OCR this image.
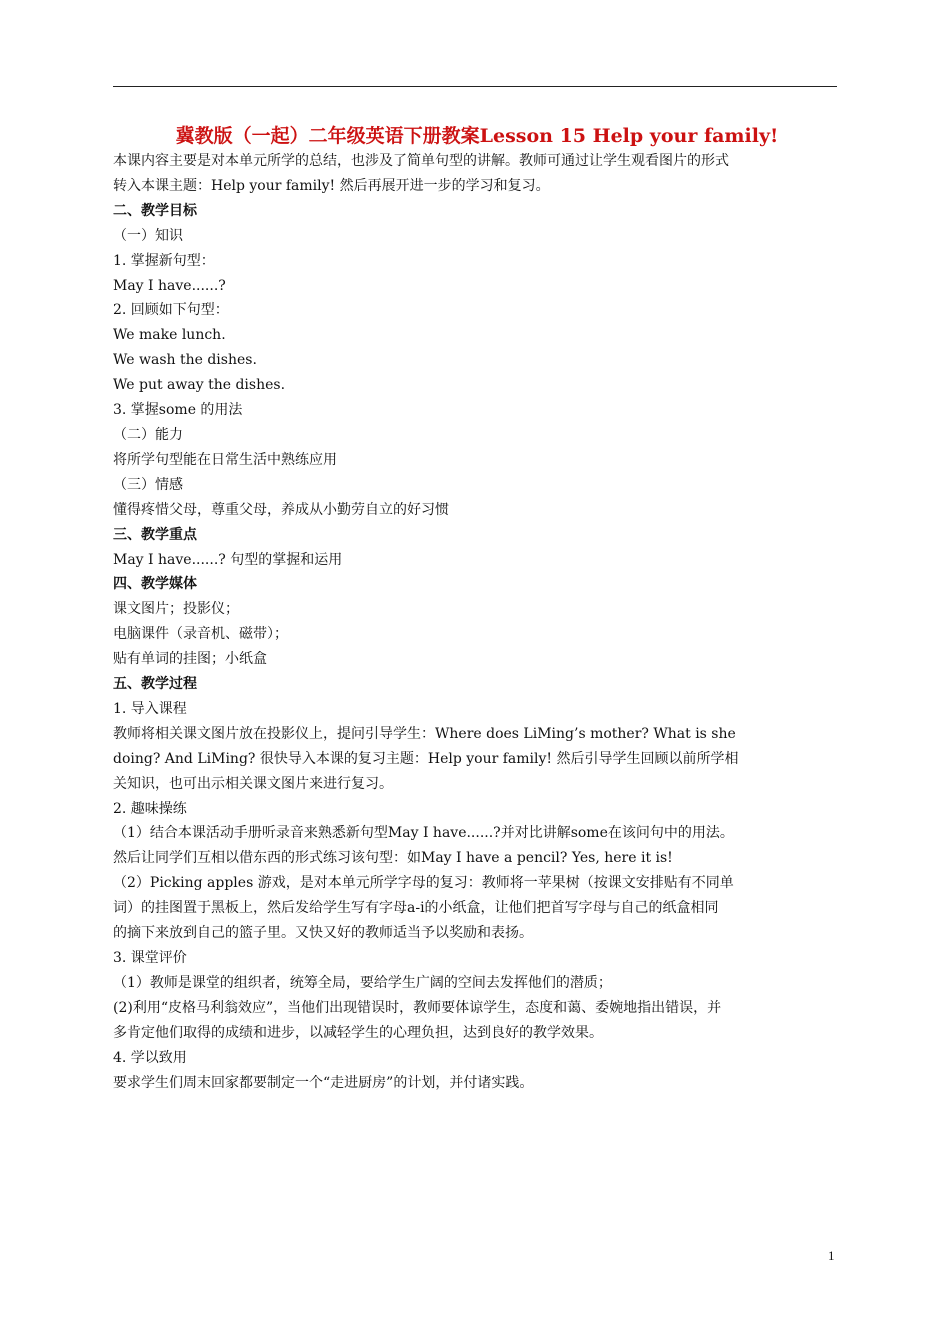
冀教版（一起）二年级英语下册教案Lesson 15 Help your family!

本课内容主要是对本单元所学的总结，也涉及了简单句型的讲解。教师可通过让学生观看图片的形式

转入本课主题：Help your family! 然后再展开进一步的学习和复习。

二、教学目标

（一）知识

1. 掌握新句型：

May I have......?

2. 回顾如下句型：

We make lunch.

We wash the dishes.

We put away the dishes.

3. 掌握some 的用法

（二）能力

将所学句型能在日常生活中熟练应用

（三）情感

懂得疼惜父母，尊重父母，养成从小勤劳自立的好习惯

三、教学重点

May I have......? 句型的掌握和运用

四、教学媒体

课文图片；投影仪；

电脑课件（录音机、磁带）；

贴有单词的挂图；小纸盒

五、教学过程

1. 导入课程

教师将相关课文图片放在投影仪上，提问引导学生：Where does LiMing’s mother? What is she

doing? And LiMing? 很快导入本课的复习主题：Help your family! 然后引导学生回顾以前所学相

关知识，也可出示相关课文图片来进行复习。

2. 趣味操练

（1）结合本课活动手册听录音来熟悉新句型May I have......?并对比讲解some在该问句中的用法。

然后让同学们互相以借东西的形式练习该句型：如May I have a pencil? Yes, here it is!

（2）Picking apples 游戏，是对本单元所学字母的复习：教师将一苹果树（按课文安排贴有不同单

词）的挂图置于黑板上，然后发给学生写有字母a-i的小纸盒，让他们把首写字母与自己的纸盒相同

的摘下来放到自己的篮子里。又快又好的教师适当予以奖励和表扬。

3. 课堂评价

（1）教师是课堂的组织者，统筹全局，要给学生广阔的空间去发挥他们的潜质；

(2)利用“皮格马利翁效应”，当他们出现错误时，教师要体谅学生，态度和蔼、委婉地指出错误，并

多肯定他们取得的成绩和进步，以减轻学生的心理负担，达到良好的教学效果。

4. 学以致用

要求学生们周末回家都要制定一个“走进厨房”的计划，并付诸实践。

1
